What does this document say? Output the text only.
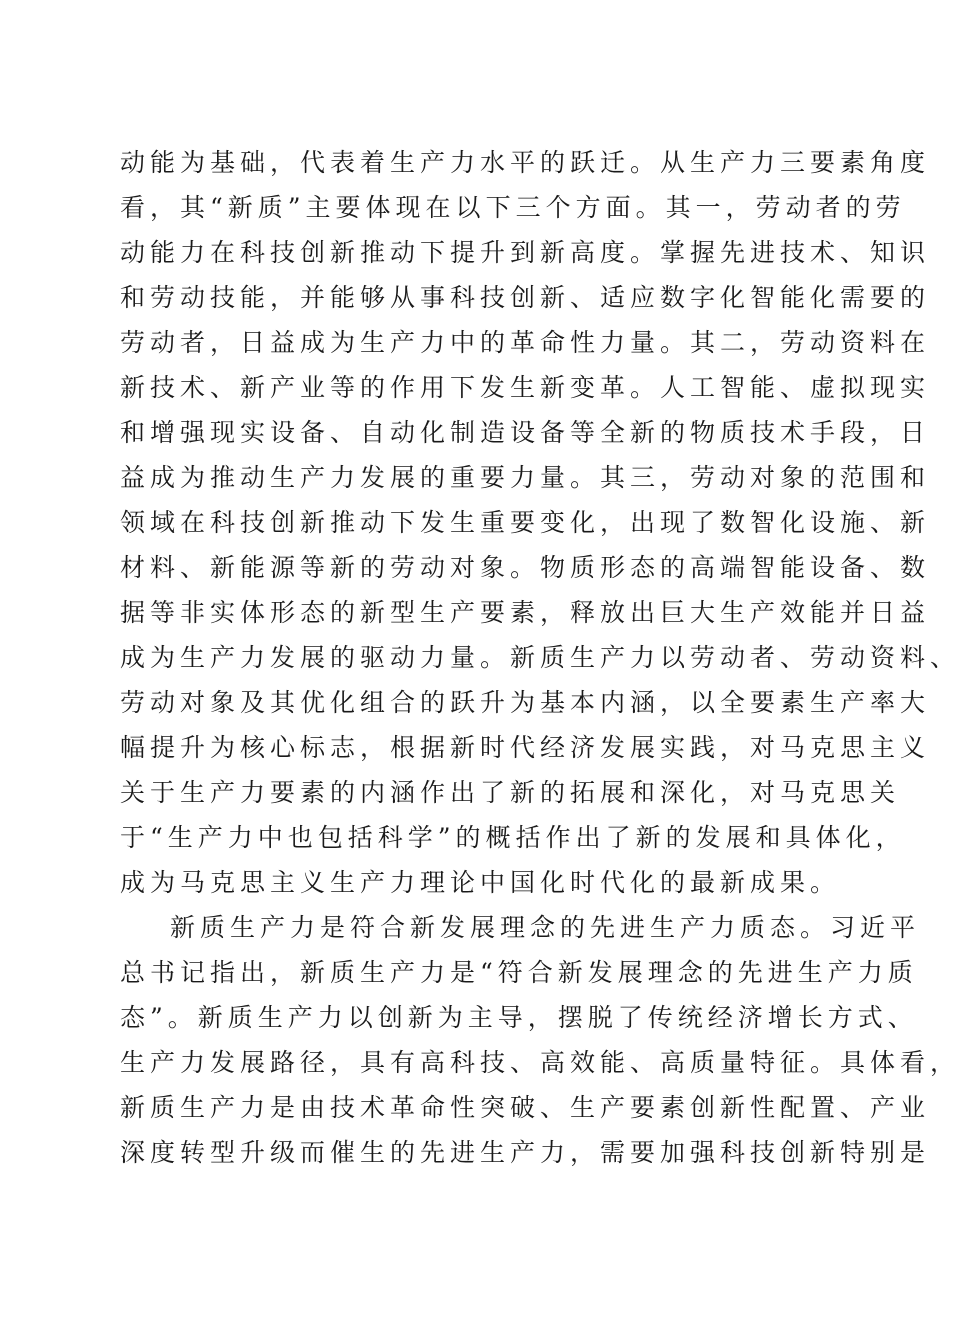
动能为基础，代表着生产力水平的跃迁。从生产力三要素角度
看，其“新质”主要体现在以下三个方面。其一，劳动者的劳
动能力在科技创新推动下提升到新高度。掌握先进技术、知识
和劳动技能，并能够从事科技创新、适应数字化智能化需要的
劳动者，日益成为生产力中的革命性力量。其二，劳动资料在
新技术、新产业等的作用下发生新变革。人工智能、虚拟现实
和增强现实设备、自动化制造设备等全新的物质技术手段，日
益成为推动生产力发展的重要力量。其三，劳动对象的范围和
领域在科技创新推动下发生重要变化，出现了数智化设施、新
材料、新能源等新的劳动对象。物质形态的高端智能设备、数
据等非实体形态的新型生产要素，释放出巨大生产效能并日益
成为生产力发展的驱动力量。新质生产力以劳动者、劳动资料、
劳动对象及其优化组合的跃升为基本内涵，以全要素生产率大
幅提升为核心标志，根据新时代经济发展实践，对马克思主义
关于生产力要素的内涵作出了新的拓展和深化，对马克思关
于“生产力中也包括科学”的概括作出了新的发展和具体化，
成为马克思主义生产力理论中国化时代化的最新成果。
新质生产力是符合新发展理念的先进生产力质态。习近平
总书记指出，新质生产力是“符合新发展理念的先进生产力质
态”。新质生产力以创新为主导，摆脱了传统经济增长方式、
生产力发展路径，具有高科技、高效能、高质量特征。具体看，
新质生产力是由技术革命性突破、生产要素创新性配置、产业
深度转型升级而催生的先进生产力，需要加强科技创新特别是
